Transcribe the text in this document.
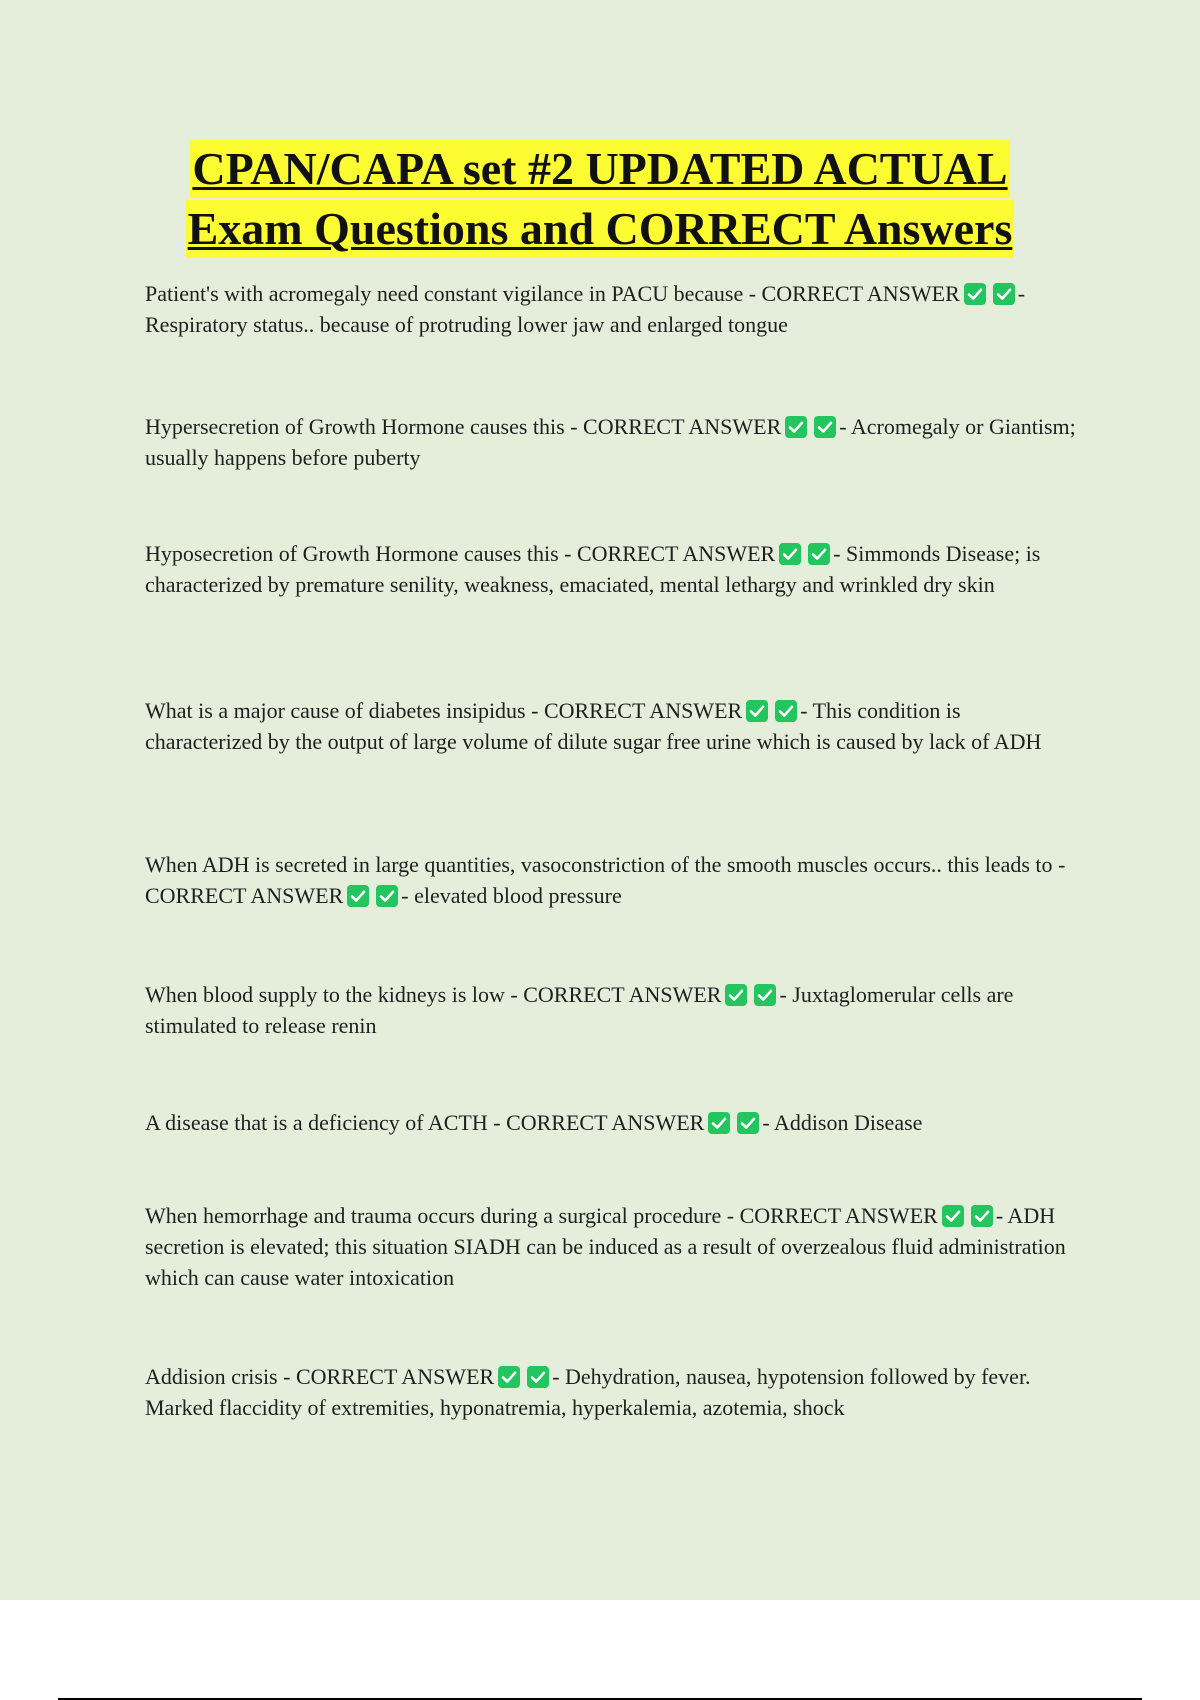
CPAN/CAPA set #2 UPDATED ACTUAL
Exam Questions and CORRECT Answers

Patient's with acromegaly need constant vigilance in PACU because - CORRECT ANSWER	- Respiratory status.. because of protruding lower jaw and enlarged tongue

Hypersecretion of Growth Hormone causes this - CORRECT ANSWER	- Acromegaly or Giantism; usually happens before puberty

Hyposecretion of Growth Hormone causes this - CORRECT ANSWER	- Simmonds Disease; is characterized by premature senility, weakness, emaciated, mental lethargy and wrinkled dry skin

What is a major cause of diabetes insipidus - CORRECT ANSWER	- This condition is characterized by the output of large volume of dilute sugar free urine which is caused by lack of ADH

When ADH is secreted in large quantities, vasoconstriction of the smooth muscles occurs.. this leads to - CORRECT ANSWER	- elevated blood pressure

When blood supply to the kidneys is low - CORRECT ANSWER	- Juxtaglomerular cells are stimulated to release renin

A disease that is a deficiency of ACTH - CORRECT ANSWER	- Addison Disease

When hemorrhage and trauma occurs during a surgical procedure - CORRECT ANSWER	- ADH secretion is elevated; this situation SIADH can be induced as a result of overzealous fluid administration which can cause water intoxication

Addision crisis - CORRECT ANSWER	- Dehydration, nausea, hypotension followed by fever. Marked flaccidity of extremities, hyponatremia, hyperkalemia, azotemia, shock
